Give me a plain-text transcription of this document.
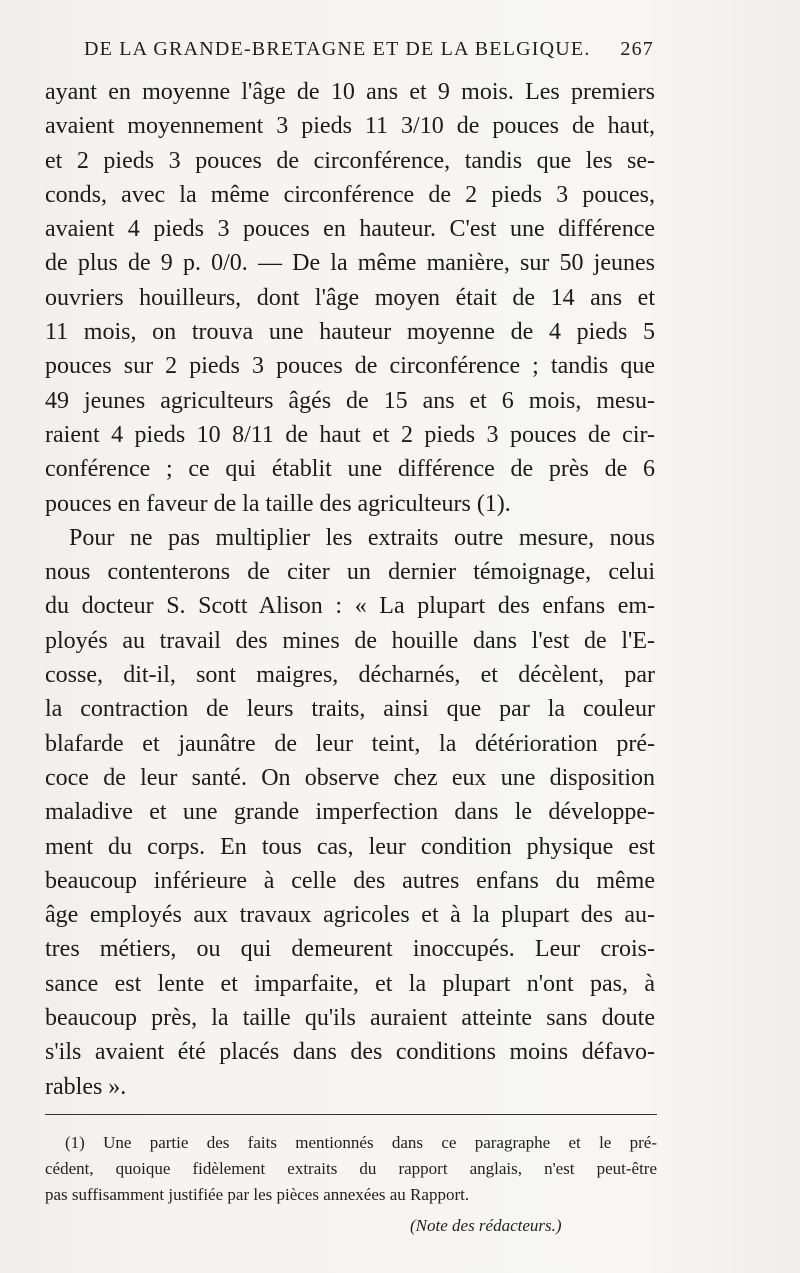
DE LA GRANDE-BRETAGNE ET DE LA BELGIQUE. 267
ayant en moyenne l'âge de 10 ans et 9 mois. Les premiers
avaient moyennement 3 pieds 11 3/10 de pouces de haut,
et 2 pieds 3 pouces de circonférence, tandis que les se-
conds, avec la même circonférence de 2 pieds 3 pouces,
avaient 4 pieds 3 pouces en hauteur. C'est une différence
de plus de 9 p. 0/0. — De la même manière, sur 50 jeunes
ouvriers houilleurs, dont l'âge moyen était de 14 ans et
11 mois, on trouva une hauteur moyenne de 4 pieds 5
pouces sur 2 pieds 3 pouces de circonférence ; tandis que
49 jeunes agriculteurs âgés de 15 ans et 6 mois, mesu-
raient 4 pieds 10 8/11 de haut et 2 pieds 3 pouces de cir-
conférence ; ce qui établit une différence de près de 6
pouces en faveur de la taille des agriculteurs (1).
Pour ne pas multiplier les extraits outre mesure, nous
nous contenterons de citer un dernier témoignage, celui
du docteur S. Scott Alison : « La plupart des enfans em-
ployés au travail des mines de houille dans l'est de l'E-
cosse, dit-il, sont maigres, décharnés, et décèlent, par
la contraction de leurs traits, ainsi que par la couleur
blafarde et jaunâtre de leur teint, la détérioration pré-
coce de leur santé. On observe chez eux une disposition
maladive et une grande imperfection dans le développe-
ment du corps. En tous cas, leur condition physique est
beaucoup inférieure à celle des autres enfans du même
âge employés aux travaux agricoles et à la plupart des au-
tres métiers, ou qui demeurent inoccupés. Leur crois-
sance est lente et imparfaite, et la plupart n'ont pas, à
beaucoup près, la taille qu'ils auraient atteinte sans doute
s'ils avaient été placés dans des conditions moins défavo-
rables ».
(1) Une partie des faits mentionnés dans ce paragraphe et le pré-
cédent, quoique fidèlement extraits du rapport anglais, n'est peut-être
pas suffisamment justifiée par les pièces annexées au Rapport.
(Note des rédacteurs.)
